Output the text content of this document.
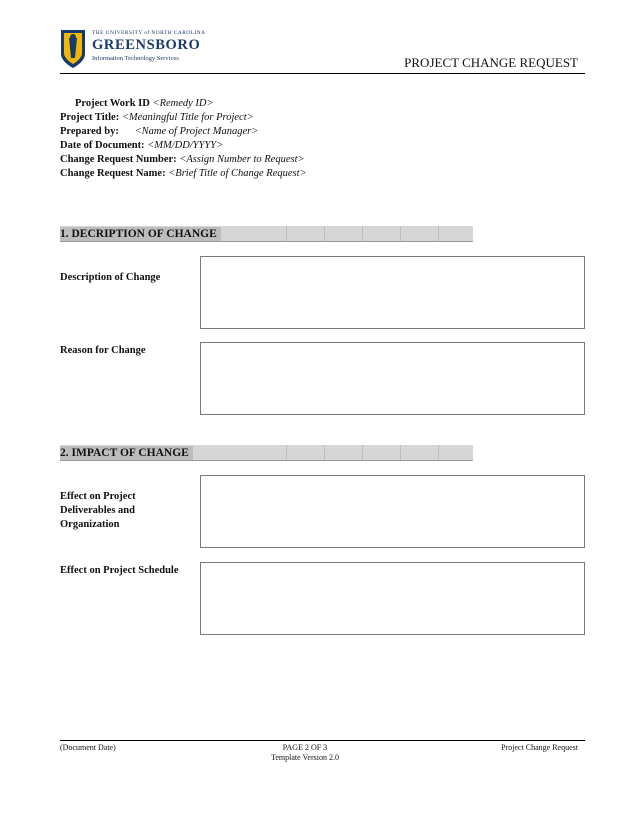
THE UNIVERSITY of NORTH CAROLINA
GREENSBORO
Information Technology Services	PROJECT CHANGE REQUEST
Project Work ID <Remedy ID>
Project Title: <Meaningful Title for Project>
Prepared by: <Name of Project Manager>
Date of Document: <MM/DD/YYYY>
Change Request Number: <Assign Number to Request>
Change Request Name: <Brief Title of Change Request>
1. DECRIPTION OF CHANGE
Description of Change
Reason for Change
2. IMPACT OF CHANGE
Effect on Project Deliverables and Organization
Effect on Project Schedule
(Document Date)	PAGE 2 OF 3
Template Version 2.0
Project Change Request
